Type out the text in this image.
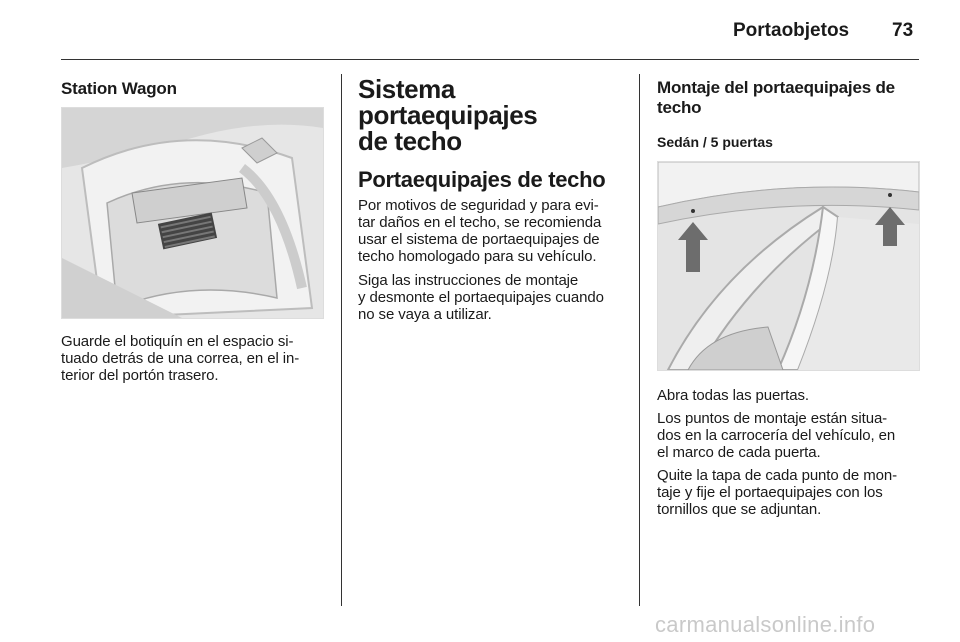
Portaobjetos 73
Station Wagon

Guarde el botiquín en el espacio si-
tuado detrás de una correa, en el in-
terior del portón trasero.

Sistema portaequipajes
de techo
Portaequipajes de techo

Por motivos de seguridad y para evi-
tar daños en el techo, se recomienda
usar el sistema de portaequipajes de
techo homologado para su vehículo.

Siga las instrucciones de montaje
y desmonte el portaequipajes cuando
no se vaya a utilizar.

Montaje del portaequipajes de
techo
Sedán / 5 puertas

Abra todas las puertas.

Los puntos de montaje están situa-
dos en la carrocería del vehículo, en
el marco de cada puerta.

Quite la tapa de cada punto de mon-
taje y fije el portaequipajes con los
tornillos que se adjuntan.

carmanualsonline.info
